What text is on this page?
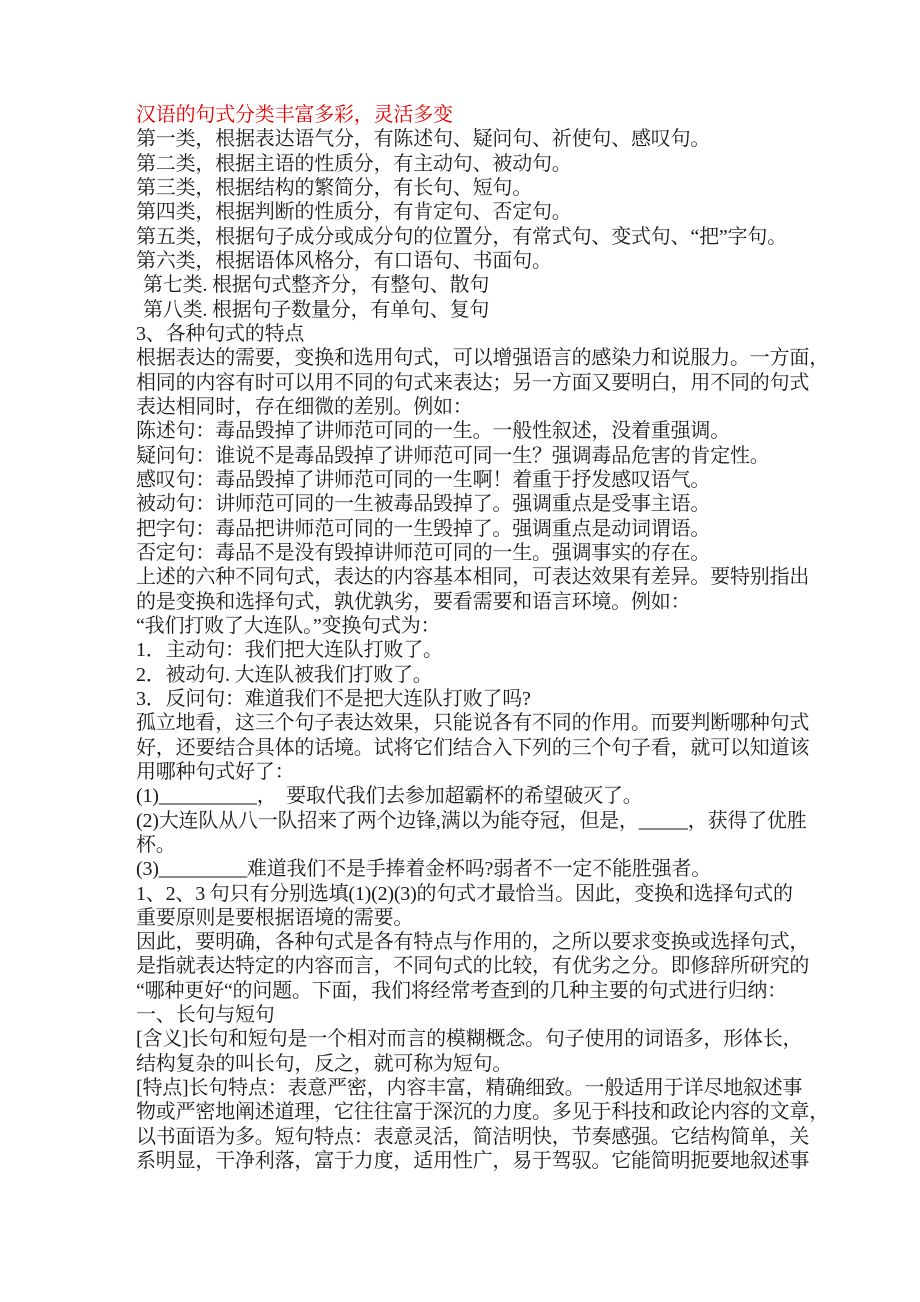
汉语的句式分类丰富多彩，灵活多变
第一类，根据表达语气分，有陈述句、疑问句、祈使句、感叹句。
第二类，根据主语的性质分，有主动句、被动句。
第三类，根据结构的繁简分，有长句、短句。
第四类，根据判断的性质分，有肯定句、否定句。
第五类，根据句子成分或成分句的位置分，有常式句、变式句、“把”字句。
第六类，根据语体风格分，有口语句、书面句。
第七类. 根据句式整齐分，有整句、散句
第八类. 根据句子数量分，有单句、复句
3、各种句式的特点
根据表达的需要，变换和选用句式，可以增强语言的感染力和说服力。一方面，
相同的内容有时可以用不同的句式来表达；另一方面又要明白，用不同的句式
表达相同时，存在细微的差别。例如：
陈述句：毒品毁掉了讲师范可同的一生。一般性叙述，没着重强调。
疑问句：谁说不是毒品毁掉了讲师范可同一生？强调毒品危害的肯定性。
感叹句：毒品毁掉了讲师范可同的一生啊！着重于抒发感叹语气。
被动句：讲师范可同的一生被毒品毁掉了。强调重点是受事主语。
把字句：毒品把讲师范可同的一生毁掉了。强调重点是动词谓语。
否定句：毒品不是没有毁掉讲师范可同的一生。强调事实的存在。
上述的六种不同句式，表达的内容基本相同，可表达效果有差异。要特别指出
的是变换和选择句式，孰优孰劣，要看需要和语言环境。例如：
“我们打败了大连队。”变换句式为：
1．主动句：我们把大连队打败了。
2．被动句. 大连队被我们打败了。
3．反问句：难道我们不是把大连队打败了吗?
孤立地看，这三个句子表达效果，只能说各有不同的作用。而要判断哪种句式
好，还要结合具体的话境。试将它们结合入下列的三个句子看，就可以知道该
用哪种句式好了：
(1)__________，  要取代我们去参加超霸杯的希望破灭了。
(2)大连队从八一队招来了两个边锋,满以为能夺冠，但是，_____，获得了优胜
杯。
(3)_________难道我们不是手捧着金杯吗?弱者不一定不能胜强者。
1、2、3 句只有分别选填(1)(2)(3)的句式才最恰当。因此，变换和选择句式的
重要原则是要根据语境的需要。
因此，要明确，各种句式是各有特点与作用的，之所以要求变换或选择句式，
是指就表达特定的内容而言，不同句式的比较，有优劣之分。即修辞所研究的
“哪种更好“的问题。下面，我们将经常考查到的几种主要的句式进行归纳：
一、长句与短句
[含义]长句和短句是一个相对而言的模糊概念。句子使用的词语多，形体长，
结构复杂的叫长句，反之，就可称为短句。
[特点]长句特点：表意严密，内容丰富，精确细致。一般适用于详尽地叙述事
物或严密地阐述道理，它往往富于深沉的力度。多见于科技和政论内容的文章，
以书面语为多。短句特点：表意灵活，简洁明快，节奏感强。它结构简单，关
系明显，干净利落，富于力度，适用性广，易于驾驭。它能简明扼要地叙述事
